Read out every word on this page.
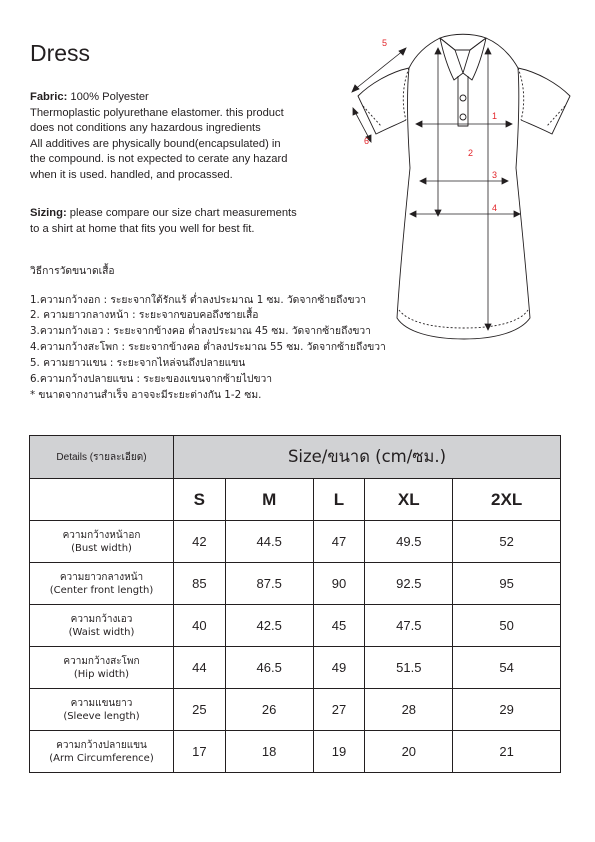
Dress
Fabric: 100% Polyester
Thermoplastic polyurethane elastomer. this product
does not conditions any hazardous ingredients
All additives are physically bound(encapsulated) in
the compound. is not expected to cerate any hazard
when it is used. handled, and procassed.
Sizing: please compare our size chart measurements
to a shirt at home that fits you well for best fit.
วิธีการวัดขนาดเสื้อ
1.ความกว้างอก : ระยะจากใต้รักแร้ ต่ำลงประมาณ 1 ซม. วัดจากซ้ายถึงขวา
2. ความยาวกลางหน้า : ระยะจากขอบคอถึงชายเสื้อ
3.ความกว้างเอว : ระยะจากข้างคอ ต่ำลงประมาณ 45 ซม. วัดจากซ้ายถึงขวา
4.ความกว้างสะโพก : ระยะจากข้างคอ ต่ำลงประมาณ 55 ซม. วัดจากซ้ายถึงขวา
5. ความยาวแขน : ระยะจากไหล่จนถึงปลายแขน
6.ความกว้างปลายแขน : ระยะของแขนจากซ้ายไปขวา
* ขนาดจากงานสำเร็จ อาจจะมีระยะต่างกัน 1-2 ซม.
1
2
3
4
5
6
Details (รายละเอียด)	Size/ขนาด (cm/ซม.)				
	S	M	L	XL	2XL

ความกว้างหน้าอก
(Bust width)	42	44.5	47	49.5	52

ความยาวกลางหน้า
(Center front length)	85	87.5	90	92.5	95

ความกว้างเอว
(Waist width)	40	42.5	45	47.5	50

ความกว้างสะโพก
(Hip width)	44	46.5	49	51.5	54

ความแขนยาว
(Sleeve length)	25	26	27	28	29

ความกว้างปลายแขน
(Arm Circumference)	17	18	19	20	21
